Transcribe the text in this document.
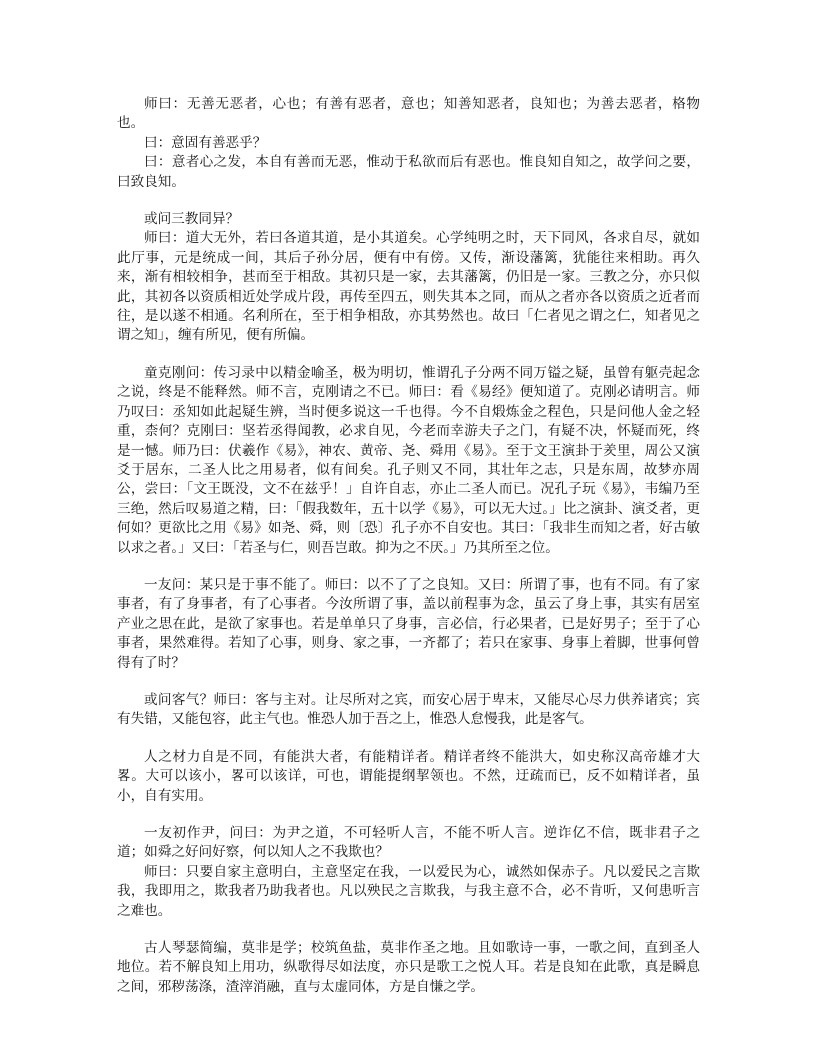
师曰：无善无恶者，心也；有善有恶者，意也；知善知恶者，良知也；为善去恶者，格物也。

曰：意固有善恶乎？

曰：意者心之发，本自有善而无恶，惟动于私欲而后有恶也。惟良知自知之，故学问之要，曰致良知。

或问三教同异？

师曰：道大无外，若曰各道其道，是小其道矣。心学纯明之时，天下同风，各求自尽，就如此厅事，元是统成一间，其后子孙分居，便有中有傍。又传，渐设藩篱，犹能往来相助。再久来，渐有相较相争，甚而至于相敌。其初只是一家，去其藩篱，仍旧是一家。三教之分，亦只似此，其初各以资质相近处学成片段，再传至四五，则失其本之同，而从之者亦各以资质之近者而往，是以遂不相通。名利所在，至于相争相敌，亦其势然也。故曰「仁者见之谓之仁，知者见之谓之知」，缠有所见，便有所偏。

童克刚问：传习录中以精金喻圣，极为明切，惟谓孔子分两不同万镒之疑，虽曾有躯壳起念之说，终是不能释然。师不言，克刚请之不已。师曰：看《易经》便知道了。克刚必请明言。师乃叹曰：丞知如此起疑生辨，当时便多说这一千也得。今不自煅炼金之程色，只是问他人金之轻重，柰何？克刚曰：坚若丞得闻教，必求自见，今老而幸游夫子之门，有疑不决，怀疑而死，终是一憾。师乃曰：伏羲作《易》，神农、黄帝、尧、舜用《易》。至于文王演卦于羑里，周公又演爻于居东，二圣人比之用易者，似有间矣。孔子则又不同，其壮年之志，只是东周，故梦亦周公，尝曰：「文王既没，文不在兹乎！」自许自志，亦止二圣人而已。况孔子玩《易》，韦编乃至三绝，然后叹易道之精，曰：「假我数年，五十以学《易》，可以无大过。」比之演卦、演爻者，更何如？更欲比之用《易》如尧、舜，则〔恐〕孔子亦不自安也。其曰：「我非生而知之者，好古敏以求之者。」又曰：「若圣与仁，则吾岂敢。抑为之不厌。」乃其所至之位。

一友问：某只是于事不能了。师曰：以不了了之良知。又曰：所谓了事，也有不同。有了家事者，有了身事者，有了心事者。今汝所谓了事，盖以前程事为念，虽云了身上事，其实有居室产业之思在此，是欲了家事也。若是单单只了身事，言必信，行必果者，已是好男子；至于了心事者，果然难得。若知了心事，则身、家之事，一齐都了；若只在家事、身事上着脚，世事何曾得有了时？

或问客气？师曰：客与主对。让尽所对之宾，而安心居于卑末，又能尽心尽力供养诸宾；宾有失错，又能包容，此主气也。惟恐人加于吾之上，惟恐人怠慢我，此是客气。

人之材力自是不同，有能洪大者，有能精详者。精详者终不能洪大，如史称汉高帝雄才大畧。大可以该小，畧可以该详，可也，谓能提纲挈领也。不然，迂疏而已，反不如精详者，虽小，自有实用。

一友初作尹，问曰：为尹之道，不可轻听人言，不能不听人言。逆诈亿不信，既非君子之道；如舜之好问好察，何以知人之不我欺也？

师曰：只要自家主意明白，主意坚定在我，一以爱民为心，诚然如保赤子。凡以爱民之言欺我，我即用之，欺我者乃助我者也。凡以殃民之言欺我，与我主意不合，必不肯听，又何患听言之难也。

古人琴瑟简编，莫非是学；校筑鱼盐，莫非作圣之地。且如歌诗一事，一歌之间，直到圣人地位。若不解良知上用功，纵歌得尽如法度，亦只是歌工之悦人耳。若是良知在此歌，真是瞬息之间，邪秽荡涤，渣滓消融，直与太虚同体，方是自慊之学。
